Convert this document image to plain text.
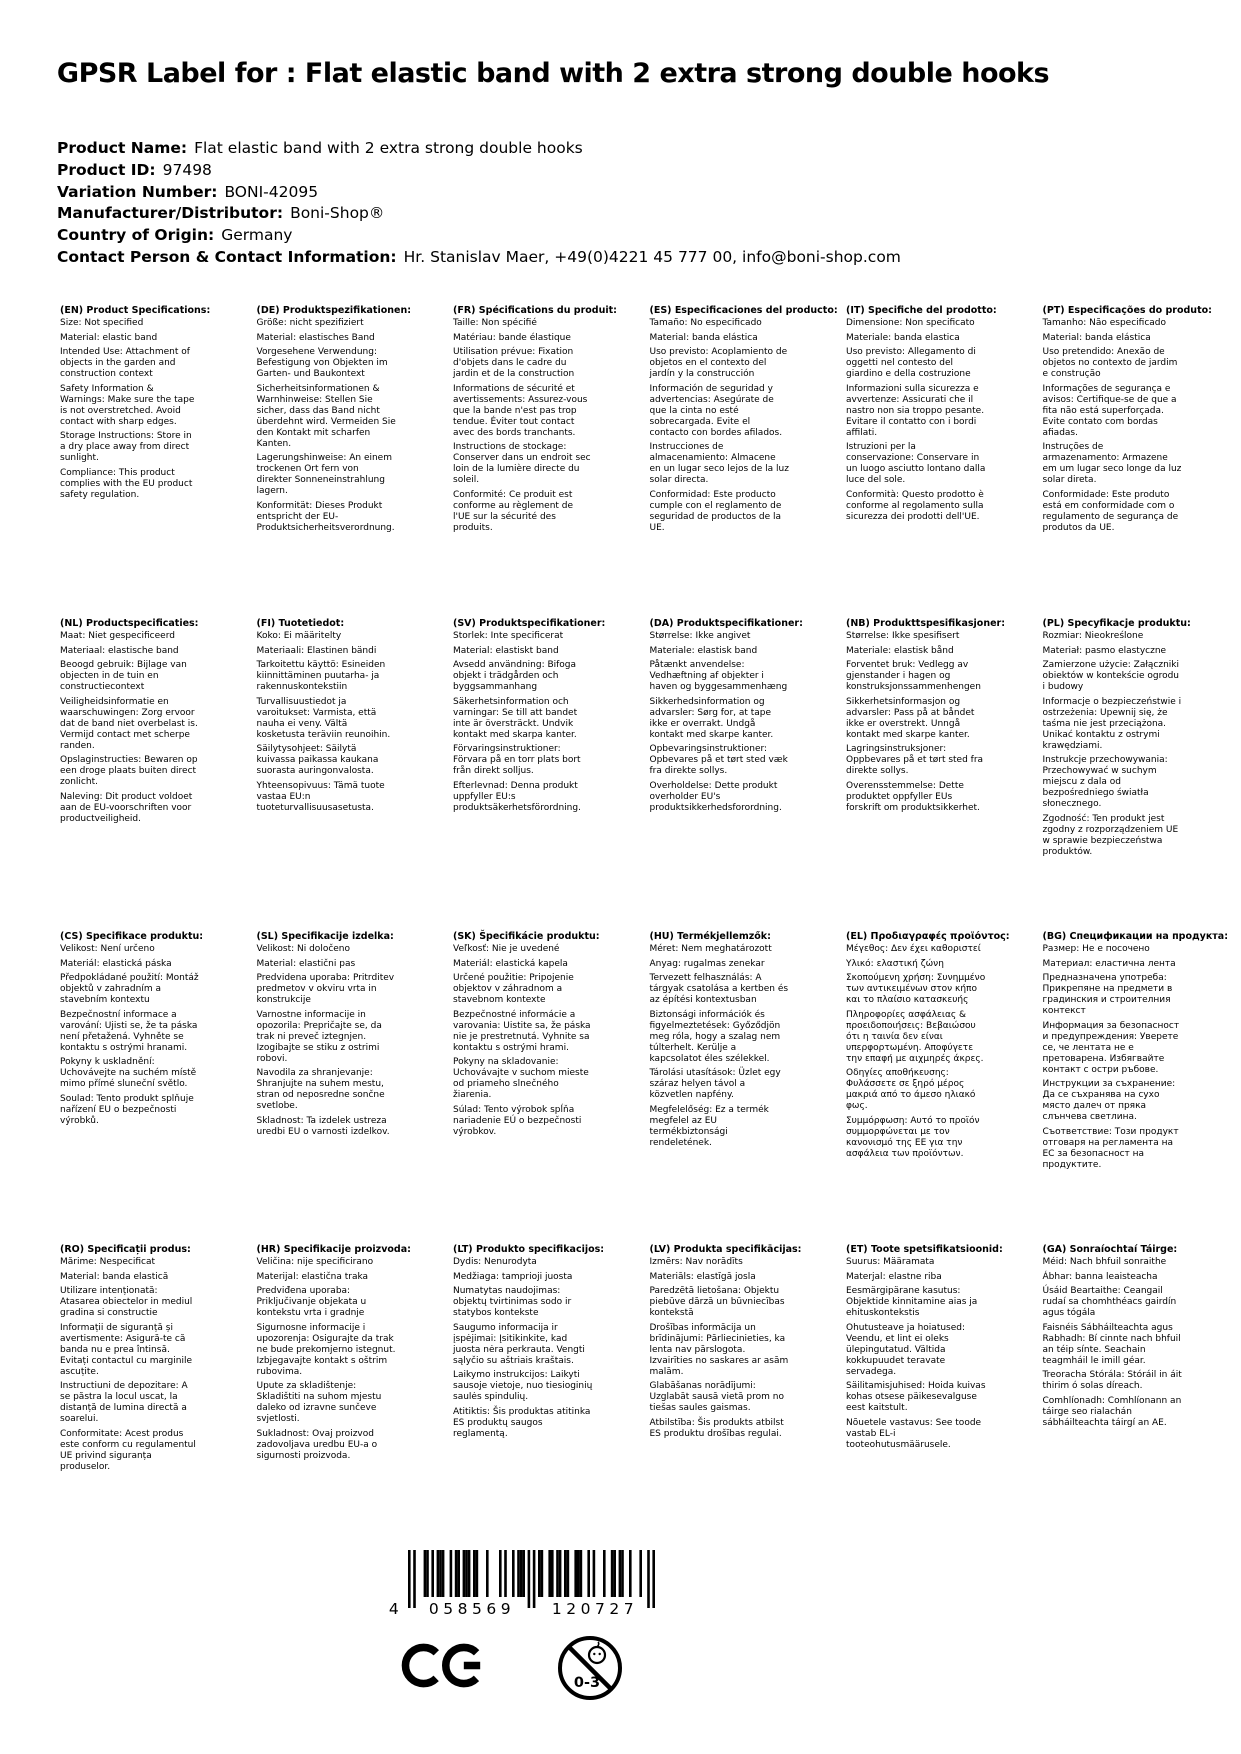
GPSR Label for : Flat elastic band with 2 extra strong double hooks
Product Name: Flat elastic band with 2 extra strong double hooks
Product ID: 97498
Variation Number: BONI-42095
Manufacturer/Distributor: Boni-Shop®
Country of Origin: Germany
Contact Person & Contact Information: Hr. Stanislav Maer, +49(0)4221 45 777 00, info@boni-shop.com
(EN) Product Specifications:

Size: Not specified

Material: elastic band

Intended Use: Attachment of objects in the garden and construction context

Safety Information & Warnings: Make sure the tape is not overstretched. Avoid contact with sharp edges.

Storage Instructions: Store in a dry place away from direct sunlight.

Compliance: This product complies with the EU product safety regulation.

(DE) Produktspezifikationen:

Größe: nicht spezifiziert

Material: elastisches Band

Vorgesehene Verwendung: Befestigung von Objekten im Garten- und Baukontext

Sicherheitsinformationen & Warnhinweise: Stellen Sie sicher, dass das Band nicht überdehnt wird. Vermeiden Sie den Kontakt mit scharfen Kanten.

Lagerungshinweise: An einem trockenen Ort fern von direkter Sonneneinstrahlung lagern.

Konformität: Dieses Produkt entspricht der EU-Produktsicherheitsverordnung.

(FR) Spécifications du produit:

Taille: Non spécifié

Matériau: bande élastique

Utilisation prévue: Fixation d'objets dans le cadre du jardin et de la construction

Informations de sécurité et avertissements: Assurez-vous que la bande n'est pas trop tendue. Éviter tout contact avec des bords tranchants.

Instructions de stockage: Conserver dans un endroit sec loin de la lumière directe du soleil.

Conformité: Ce produit est conforme au règlement de l'UE sur la sécurité des produits.

(ES) Especificaciones del producto:

Tamaño: No especificado

Material: banda elástica

Uso previsto: Acoplamiento de objetos en el contexto del jardín y la construcción

Información de seguridad y advertencias: Asegúrate de que la cinta no esté sobrecargada. Evite el contacto con bordes afilados.

Instrucciones de almacenamiento: Almacene en un lugar seco lejos de la luz solar directa.

Conformidad: Este producto cumple con el reglamento de seguridad de productos de la UE.

(IT) Specifiche del prodotto:

Dimensione: Non specificato

Materiale: banda elastica

Uso previsto: Allegamento di oggetti nel contesto del giardino e della costruzione

Informazioni sulla sicurezza e avvertenze: Assicurati che il nastro non sia troppo pesante. Evitare il contatto con i bordi affilati.

Istruzioni per la conservazione: Conservare in un luogo asciutto lontano dalla luce del sole.

Conformità: Questo prodotto è conforme al regolamento sulla sicurezza dei prodotti dell'UE.

(PT) Especificações do produto:

Tamanho: Não especificado

Material: banda elástica

Uso pretendido: Anexão de objetos no contexto de jardim e construção

Informações de segurança e avisos: Certifique-se de que a fita não está superforçada. Evite contato com bordas afiadas.

Instruções de armazenamento: Armazene em um lugar seco longe da luz solar direta.

Conformidade: Este produto está em conformidade com o regulamento de segurança de produtos da UE.

(NL) Productspecificaties:

Maat: Niet gespecificeerd

Materiaal: elastische band

Beoogd gebruik: Bijlage van objecten in de tuin en constructiecontext

Veiligheidsinformatie en waarschuwingen: Zorg ervoor dat de band niet overbelast is. Vermijd contact met scherpe randen.

Opslaginstructies: Bewaren op een droge plaats buiten direct zonlicht.

Naleving: Dit product voldoet aan de EU-voorschriften voor productveiligheid.

(FI) Tuotetiedot:

Koko: Ei määritelty

Materiaali: Elastinen bändi

Tarkoitettu käyttö: Esineiden kiinnittäminen puutarha- ja rakennuskontekstiin

Turvallisuustiedot ja varoitukset: Varmista, että nauha ei veny. Vältä kosketusta teräviin reunoihin.

Säilytysohjeet: Säilytä kuivassa paikassa kaukana suorasta auringonvalosta.

Yhteensopivuus: Tämä tuote vastaa EU:n tuoteturvallisuusasetusta.

(SV) Produktspecifikationer:

Storlek: Inte specificerat

Material: elastiskt band

Avsedd användning: Bifoga objekt i trädgården och byggsammanhang

Säkerhetsinformation och varningar: Se till att bandet inte är översträckt. Undvik kontakt med skarpa kanter.

Förvaringsinstruktioner: Förvara på en torr plats bort från direkt solljus.

Efterlevnad: Denna produkt uppfyller EU:s produktsäkerhetsförordning.

(DA) Produktspecifikationer:

Størrelse: Ikke angivet

Materiale: elastisk band

Påtænkt anvendelse: Vedhæftning af objekter i haven og byggesammenhæng

Sikkerhedsinformation og advarsler: Sørg for, at tape ikke er overrakt. Undgå kontakt med skarpe kanter.

Opbevaringsinstruktioner: Opbevares på et tørt sted væk fra direkte sollys.

Overholdelse: Dette produkt overholder EU's produktsikkerhedsforordning.

(NB) Produkttspesifikasjoner:

Størrelse: Ikke spesifisert

Materiale: elastisk bånd

Forventet bruk: Vedlegg av gjenstander i hagen og konstruksjonssammenhengen

Sikkerhetsinformasjon og advarsler: Pass på at båndet ikke er overstrekt. Unngå kontakt med skarpe kanter.

Lagringsinstruksjoner: Oppbevares på et tørt sted fra direkte sollys.

Overensstemmelse: Dette produktet oppfyller EUs forskrift om produktsikkerhet.

(PL) Specyfikacje produktu:

Rozmiar: Nieokreślone

Materiał: pasmo elastyczne

Zamierzone użycie: Załączniki obiektów w kontekście ogrodu i budowy

Informacje o bezpieczeństwie i ostrzeżenia: Upewnij się, że taśma nie jest przeciążona. Unikać kontaktu z ostrymi krawędziami.

Instrukcje przechowywania: Przechowywać w suchym miejscu z dala od bezpośredniego światła słonecznego.

Zgodność: Ten produkt jest zgodny z rozporządzeniem UE w sprawie bezpieczeństwa produktów.

(CS) Specifikace produktu:

Velikost: Není určeno

Materiál: elastická páska

Předpokládané použití: Montáž objektů v zahradním a stavebním kontextu

Bezpečnostní informace a varování: Ujisti se, že ta páska není přetažená. Vyhněte se kontaktu s ostrými hranami.

Pokyny k uskladnění: Uchovávejte na suchém místě mimo přímé sluneční světlo.

Soulad: Tento produkt splňuje nařízení EU o bezpečnosti výrobků.

(SL) Specifikacije izdelka:

Velikost: Ni določeno

Material: elastični pas

Predvidena uporaba: Pritrditev predmetov v okviru vrta in konstrukcije

Varnostne informacije in opozorila: Prepričajte se, da trak ni preveč iztegnjen. Izogibajte se stiku z ostrimi robovi.

Navodila za shranjevanje: Shranjujte na suhem mestu, stran od neposredne sončne svetlobe.

Skladnost: Ta izdelek ustreza uredbi EU o varnosti izdelkov.

(SK) Špecifikácie produktu:

Veľkosť: Nie je uvedené

Materiál: elastická kapela

Určené použitie: Pripojenie objektov v záhradnom a stavebnom kontexte

Bezpečnostné informácie a varovania: Uistite sa, že páska nie je prestretnutá. Vyhnite sa kontaktu s ostrými hrami.

Pokyny na skladovanie: Uchovávajte v suchom mieste od priameho slnečného žiarenia.

Súlad: Tento výrobok spĺňa nariadenie EÚ o bezpečnosti výrobkov.

(HU) Termékjellemzők:

Méret: Nem meghatározott

Anyag: rugalmas zenekar

Tervezett felhasználás: A tárgyak csatolása a kertben és az építési kontextusban

Biztonsági információk és figyelmeztetések: Győződjön meg róla, hogy a szalag nem túlterhelt. Kerülje a kapcsolatot éles szélekkel.

Tárolási utasítások: Üzlet egy száraz helyen távol a közvetlen napfény.

Megfelelőség: Ez a termék megfelel az EU termékbiztonsági rendeletének.

(EL) Προδιαγραφές προϊόντος:

Μέγεθος: Δεν έχει καθοριστεί

Υλικό: ελαστική ζώνη

Σκοπούμενη χρήση: Συνημμένο των αντικειμένων στον κήπο και το πλαίσιο κατασκευής

Πληροφορίες ασφάλειας & προειδοποιήσεις: Βεβαιώσου ότι η ταινία δεν είναι υπερφορτωμένη. Αποφύγετε την επαφή με αιχμηρές άκρες.

Οδηγίες αποθήκευσης: Φυλάσσετε σε ξηρό μέρος μακριά από το άμεσο ηλιακό φως.

Συμμόρφωση: Αυτό το προϊόν συμμορφώνεται με τον κανονισμό της ΕΕ για την ασφάλεια των προϊόντων.

(BG) Спецификации на продукта:

Размер: Не е посочено

Материал: еластична лента

Предназначена употреба: Прикрепяне на предмети в градинския и строителния контекст

Информация за безопасност и предупреждения: Уверете се, че лентата не е претоварена. Избягвайте контакт с остри ръбове.

Инструкции за съхранение: Да се съхранява на сухо място далеч от пряка слънчева светлина.

Съответствие: Този продукт отговаря на регламента на ЕС за безопасност на продуктите.

(RO) Specificații produs:

Mărime: Nespecificat

Material: banda elastică

Utilizare intenționată: Atasarea obiectelor in mediul gradina si constructie

Informații de siguranță și avertismente: Asigură-te că banda nu e prea întinsă. Evitați contactul cu marginile ascuțite.

Instructiuni de depozitare: A se păstra la locul uscat, la distanță de lumina directă a soarelui.

Conformitate: Acest produs este conform cu regulamentul UE privind siguranța produselor.

(HR) Specifikacije proizvoda:

Veličina: nije specificirano

Materijal: elastična traka

Predviđena uporaba: Priključivanje objekata u kontekstu vrta i gradnje

Sigurnosne informacije i upozorenja: Osigurajte da trak ne bude prekomjerno istegnut. Izbjegavajte kontakt s oštrim rubovima.

Upute za skladištenje: Skladištiti na suhom mjestu daleko od izravne sunčeve svjetlosti.

Sukladnost: Ovaj proizvod zadovoljava uredbu EU-a o sigurnosti proizvoda.

(LT) Produkto specifikacijos:

Dydis: Nenurodyta

Medžiaga: tamprioji juosta

Numatytas naudojimas: objektų tvirtinimas sodo ir statybos kontekste

Saugumo informacija ir įspėjimai: Įsitikinkite, kad juosta nėra perkrauta. Vengti sąlyčio su aštriais kraštais.

Laikymo instrukcijos: Laikyti sausoje vietoje, nuo tiesioginių saulės spindulių.

Atitiktis: Šis produktas atitinka ES produktų saugos reglamentą.

(LV) Produkta specifikācijas:

Izmērs: Nav norādīts

Materiāls: elastīgā josla

Paredzētā lietošana: Objektu piebūve dārzā un būvniecības kontekstā

Drošības informācija un brīdinājumi: Pārliecinieties, ka lenta nav pārslogota. Izvairīties no saskares ar asām malām.

Glabāšanas norādījumi: Uzglabāt sausā vietā prom no tiešas saules gaismas.

Atbilstība: Šis produkts atbilst ES produktu drošības regulai.

(ET) Toote spetsifikatsioonid:

Suurus: Määramata

Materjal: elastne riba

Eesmärgipärane kasutus: Objektide kinnitamine aias ja ehituskontekstis

Ohutusteave ja hoiatused: Veendu, et lint ei oleks ülepingutatud. Vältida kokkupuudet teravate servadega.

Säilitamisjuhised: Hoida kuivas kohas otsese päikesevalguse eest kaitstult.

Nõuetele vastavus: See toode vastab EL-i tooteohutusmäärusele.

(GA) Sonraíochtaí Táirge:

Méid: Nach bhfuil sonraithe

Ábhar: banna leaisteacha

Úsáid Beartaithe: Ceangail rudaí sa chomhthéacs gairdín agus tógála

Faisnéis Sábháilteachta agus Rabhadh: Bí cinnte nach bhfuil an téip sínte. Seachain teagmháil le imill géar.

Treoracha Stórála: Stóráil in áit thirim ó solas díreach.

Comhlíonadh: Comhlíonann an táirge seo rialachán sábháilteachta táirgí an AE.

4 058569 120727
0-3
